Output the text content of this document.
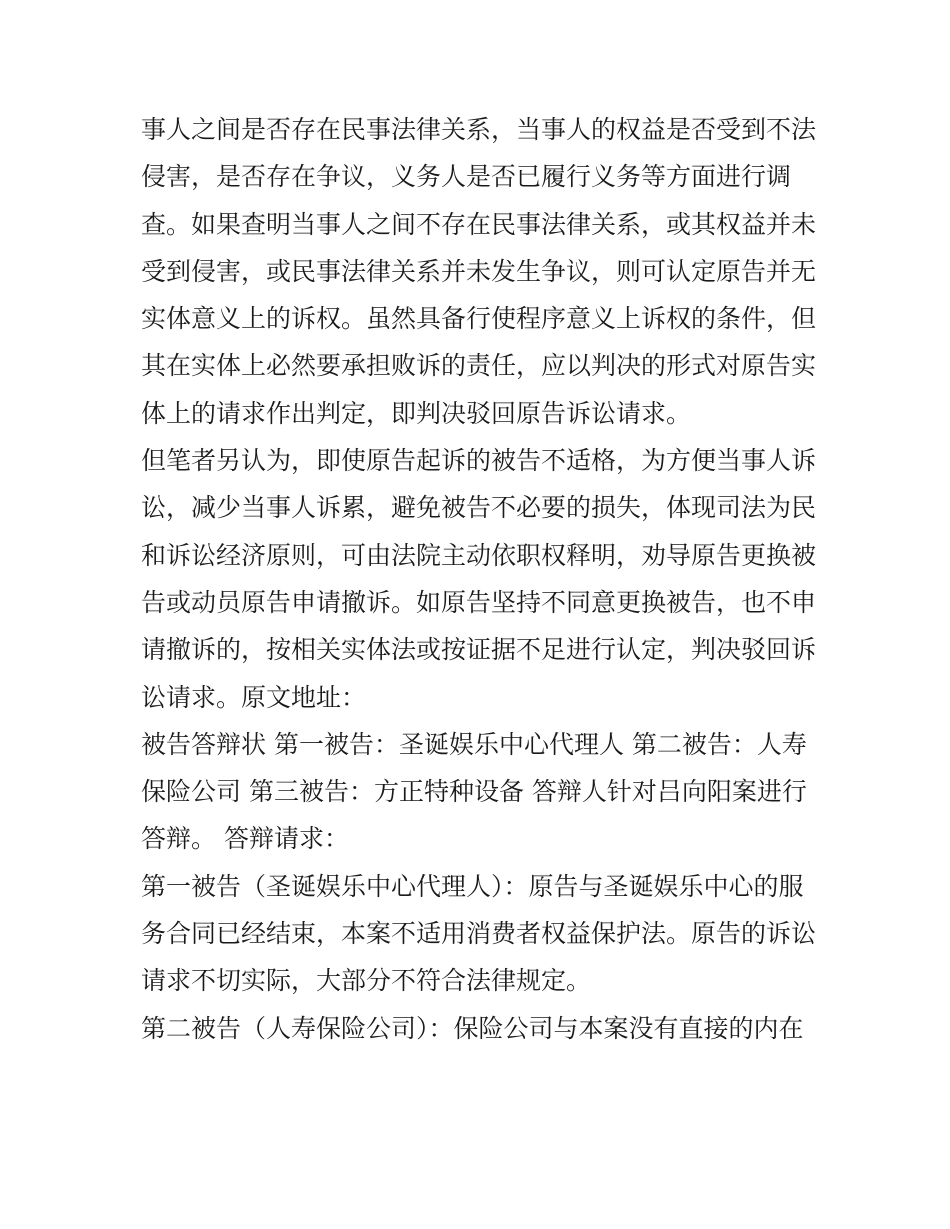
事人之间是否存在民事法律关系，当事人的权益是否受到不法
侵害，是否存在争议，义务人是否已履行义务等方面进行调
查。如果查明当事人之间不存在民事法律关系，或其权益并未
受到侵害，或民事法律关系并未发生争议，则可认定原告并无
实体意义上的诉权。虽然具备行使程序意义上诉权的条件，但
其在实体上必然要承担败诉的责任，应以判决的形式对原告实
体上的请求作出判定，即判决驳回原告诉讼请求。
但笔者另认为，即使原告起诉的被告不适格，为方便当事人诉
讼，减少当事人诉累，避免被告不必要的损失，体现司法为民
和诉讼经济原则，可由法院主动依职权释明，劝导原告更换被
告或动员原告申请撤诉。如原告坚持不同意更换被告，也不申
请撤诉的，按相关实体法或按证据不足进行认定，判决驳回诉
讼请求。原文地址：
被告答辩状 第一被告：圣诞娱乐中心代理人 第二被告：人寿
保险公司 第三被告：方正特种设备 答辩人针对吕向阳案进行
答辩。 答辩请求：
第一被告（圣诞娱乐中心代理人）：原告与圣诞娱乐中心的服
务合同已经结束，本案不适用消费者权益保护法。原告的诉讼
请求不切实际，大部分不符合法律规定。
第二被告（人寿保险公司）：保险公司与本案没有直接的内在
